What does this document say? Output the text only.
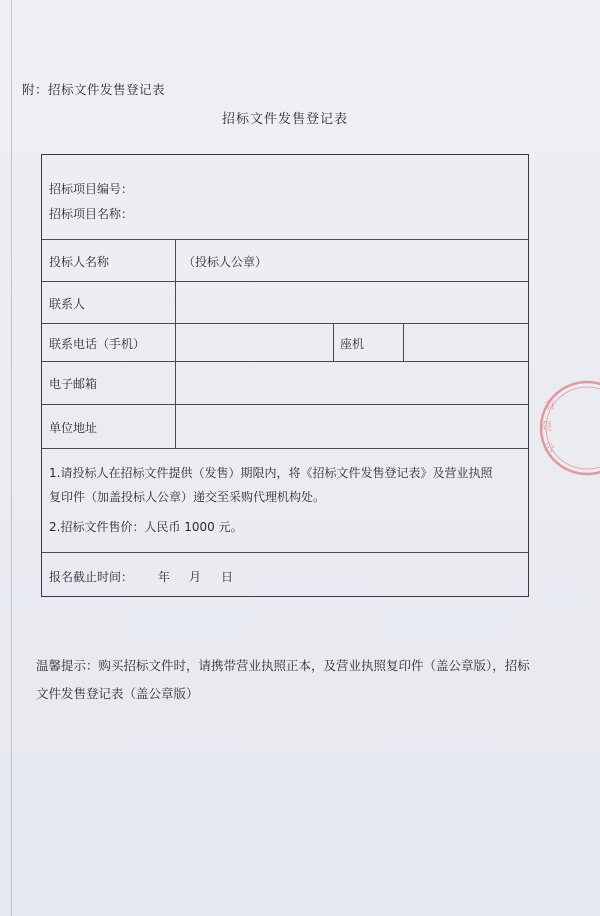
附：招标文件发售登记表
招标文件发售登记表
招标项目编号：
招标项目名称：
投标人名称	（投标人公章）
联系人
联系电话（手机）	座机
电子邮箱
单位地址
1.请投标人在招标文件提供（发售）期限内，将《招标文件发售登记表》及营业执照
复印件（加盖投标人公章）递交至采购代理机构处。
2.招标文件售价：人民币 1000 元。
报名截止时间： 年 月 日
有
限
公
温馨提示：购买招标文件时，请携带营业执照正本，及营业执照复印件（盖公章版），招标
文件发售登记表（盖公章版）
